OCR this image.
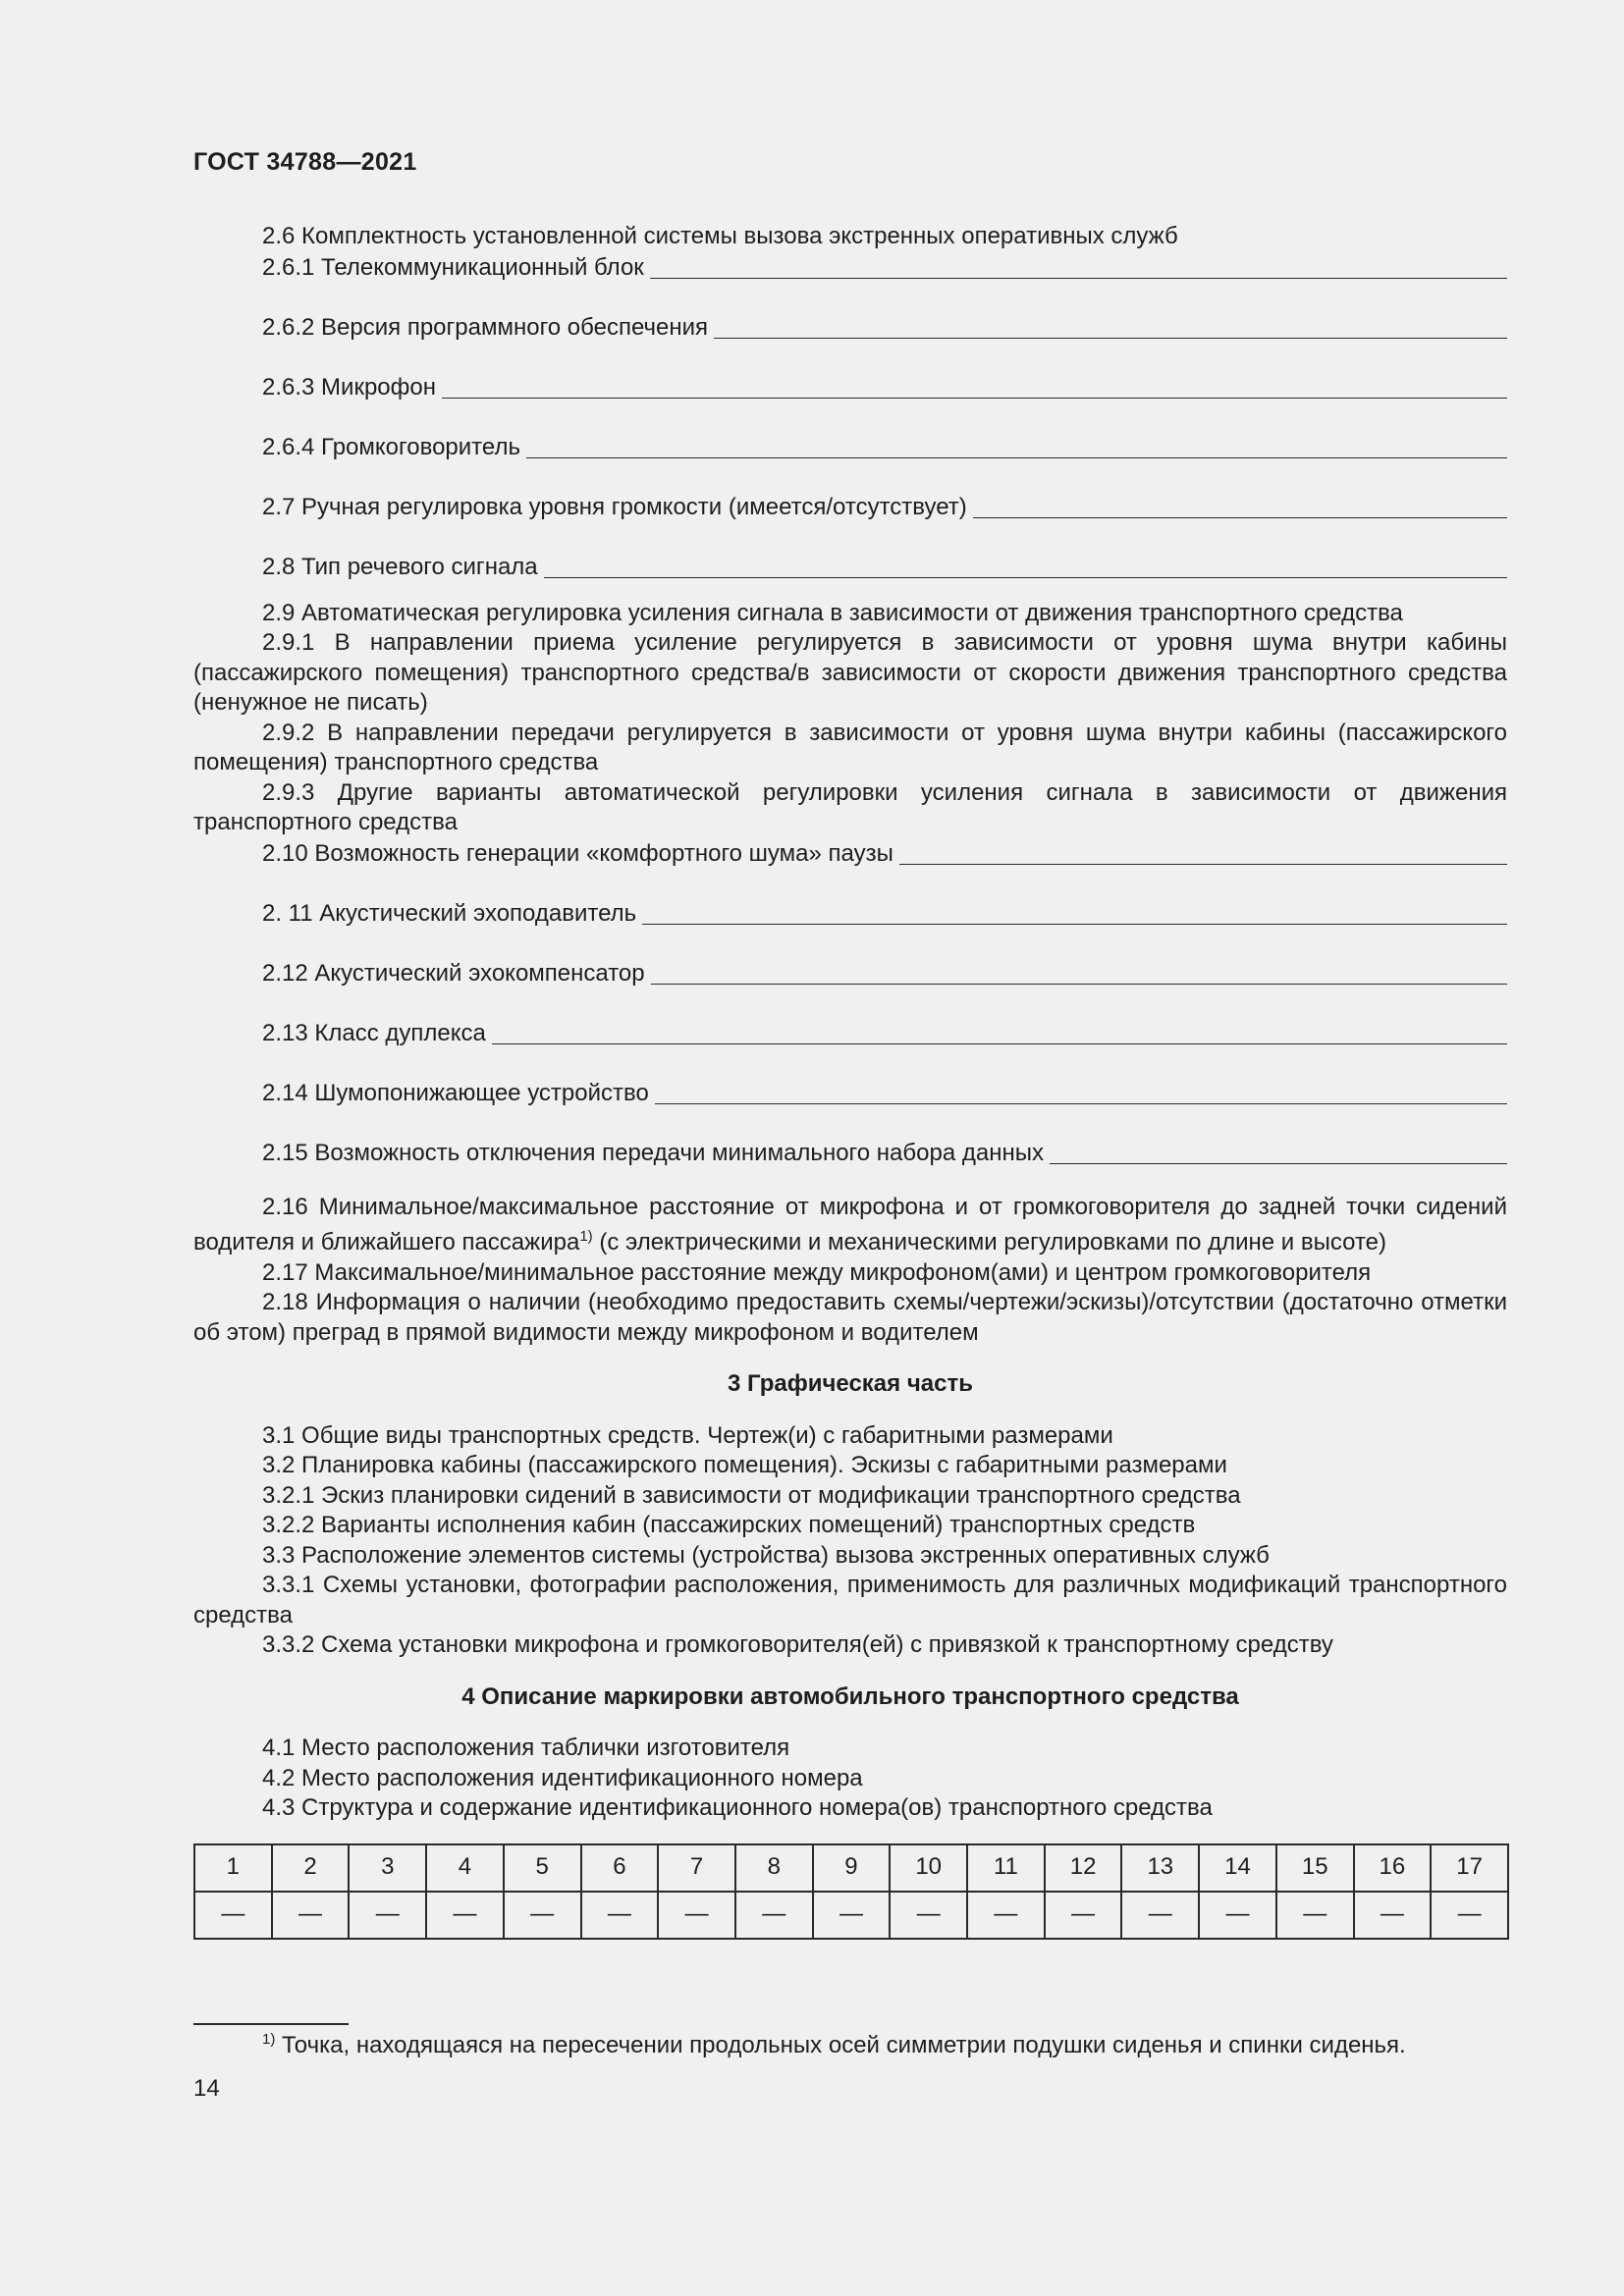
ГОСТ 34788—2021
2.6 Комплектность установленной системы вызова экстренных оперативных служб
2.6.1 Телекоммуникационный блок
2.6.2 Версия программного обеспечения
2.6.3 Микрофон
2.6.4 Громкоговоритель
2.7 Ручная регулировка уровня громкости (имеется/отсутствует)
2.8 Тип речевого сигнала
2.9 Автоматическая регулировка усиления сигнала в зависимости от движения транспортного средства
2.9.1 В направлении приема усиление регулируется в зависимости от уровня шума внутри кабины (пассажирского помещения) транспортного средства/в зависимости от скорости движения транспортного средства (ненужное не писать)
2.9.2 В направлении передачи регулируется в зависимости от уровня шума внутри кабины (пассажирского помещения) транспортного средства
2.9.3 Другие варианты автоматической регулировки усиления сигнала в зависимости от движения транспортного средства
2.10 Возможность генерации «комфортного шума» паузы
2. 11 Акустический эхоподавитель
2.12 Акустический эхокомпенсатор
2.13 Класс дуплекса
2.14 Шумопонижающее устройство
2.15 Возможность отключения передачи минимального набора данных
2.16 Минимальное/максимальное расстояние от микрофона и от громкоговорителя до задней точки сидений водителя и ближайшего пассажира$^{1)}$ (с электрическими и механическими регулировками по длине и высоте)
2.17 Максимальное/минимальное расстояние между микрофоном(ами) и центром громкоговорителя
2.18 Информация о наличии (необходимо предоставить схемы/чертежи/эскизы)/отсутствии (достаточно отметки об этом) преград в прямой видимости между микрофоном и водителем
3 Графическая часть
3.1 Общие виды транспортных средств. Чертеж(и) с габаритными размерами
3.2 Планировка кабины (пассажирского помещения). Эскизы с габаритными размерами
3.2.1 Эскиз планировки сидений в зависимости от модификации транспортного средства
3.2.2 Варианты исполнения кабин (пассажирских помещений) транспортных средств
3.3 Расположение элементов системы (устройства) вызова экстренных оперативных служб
3.3.1 Схемы установки, фотографии расположения, применимость для различных модификаций транспортного средства
3.3.2 Схема установки микрофона и громкоговорителя(ей) с привязкой к транспортному средству
4 Описание маркировки автомобильного транспортного средства
4.1 Место расположения таблички изготовителя
4.2 Место расположения идентификационного номера
4.3 Структура и содержание идентификационного номера(ов) транспортного средства
1	2	3	4	5	6	7	8	9	10	11	12	13	14	15	16	17
—	—	—	—	—	—	—	—	—	—	—	—	—	—	—	—	—
$^{1)}$ Точка, находящаяся на пересечении продольных осей симметрии подушки сиденья и спинки сиденья.
14
